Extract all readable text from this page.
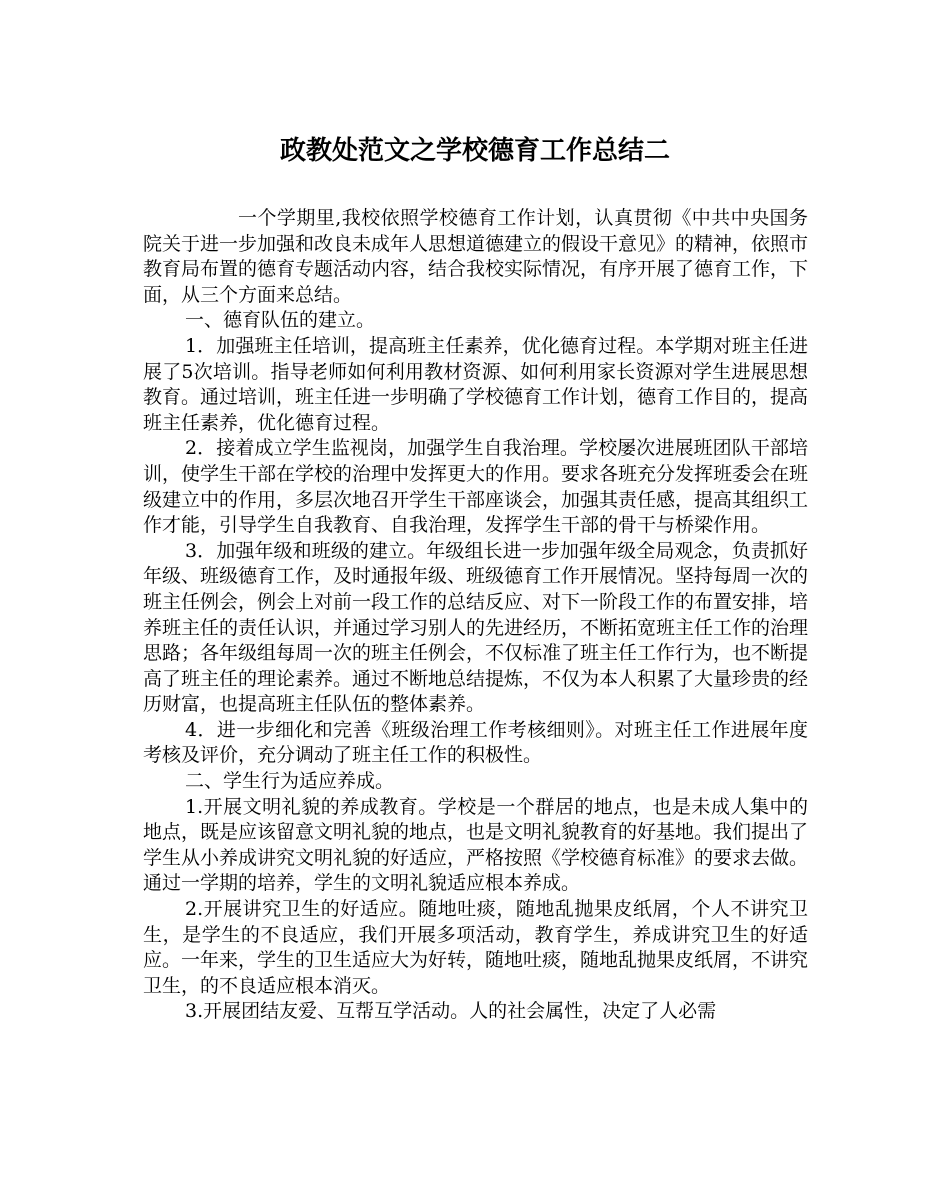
政教处范文之学校德育工作总结二

一个学期里,我校依照学校德育工作计划，认真贯彻《中共中央国务院关于进一步加强和改良未成年人思想道德建立的假设干意见》的精神，依照市教育局布置的德育专题活动内容，结合我校实际情况，有序开展了德育工作，下面，从三个方面来总结。

一、德育队伍的建立。

1．加强班主任培训，提高班主任素养，优化德育过程。本学期对班主任进展了5次培训。指导老师如何利用教材资源、如何利用家长资源对学生进展思想教育。通过培训，班主任进一步明确了学校德育工作计划，德育工作目的，提高班主任素养，优化德育过程。

2．接着成立学生监视岗，加强学生自我治理。学校屡次进展班团队干部培训，使学生干部在学校的治理中发挥更大的作用。要求各班充分发挥班委会在班级建立中的作用，多层次地召开学生干部座谈会，加强其责任感，提高其组织工作才能，引导学生自我教育、自我治理，发挥学生干部的骨干与桥梁作用。

3．加强年级和班级的建立。年级组长进一步加强年级全局观念，负责抓好年级、班级德育工作，及时通报年级、班级德育工作开展情况。坚持每周一次的班主任例会，例会上对前一段工作的总结反应、对下一阶段工作的布置安排，培养班主任的责任认识，并通过学习别人的先进经历，不断拓宽班主任工作的治理思路；各年级组每周一次的班主任例会，不仅标准了班主任工作行为，也不断提高了班主任的理论素养。通过不断地总结提炼，不仅为本人积累了大量珍贵的经历财富，也提高班主任队伍的整体素养。

4．进一步细化和完善《班级治理工作考核细则》。对班主任工作进展年度考核及评价，充分调动了班主任工作的积极性。

二、学生行为适应养成。

1.开展文明礼貌的养成教育。学校是一个群居的地点，也是未成人集中的地点，既是应该留意文明礼貌的地点，也是文明礼貌教育的好基地。我们提出了学生从小养成讲究文明礼貌的好适应，严格按照《学校德育标准》的要求去做。通过一学期的培养，学生的文明礼貌适应根本养成。

2.开展讲究卫生的好适应。随地吐痰，随地乱抛果皮纸屑，个人不讲究卫生，是学生的不良适应，我们开展多项活动，教育学生，养成讲究卫生的好适应。一年来，学生的卫生适应大为好转，随地吐痰，随地乱抛果皮纸屑，不讲究卫生，的不良适应根本消灭。

3.开展团结友爱、互帮互学活动。人的社会属性，决定了人必需
